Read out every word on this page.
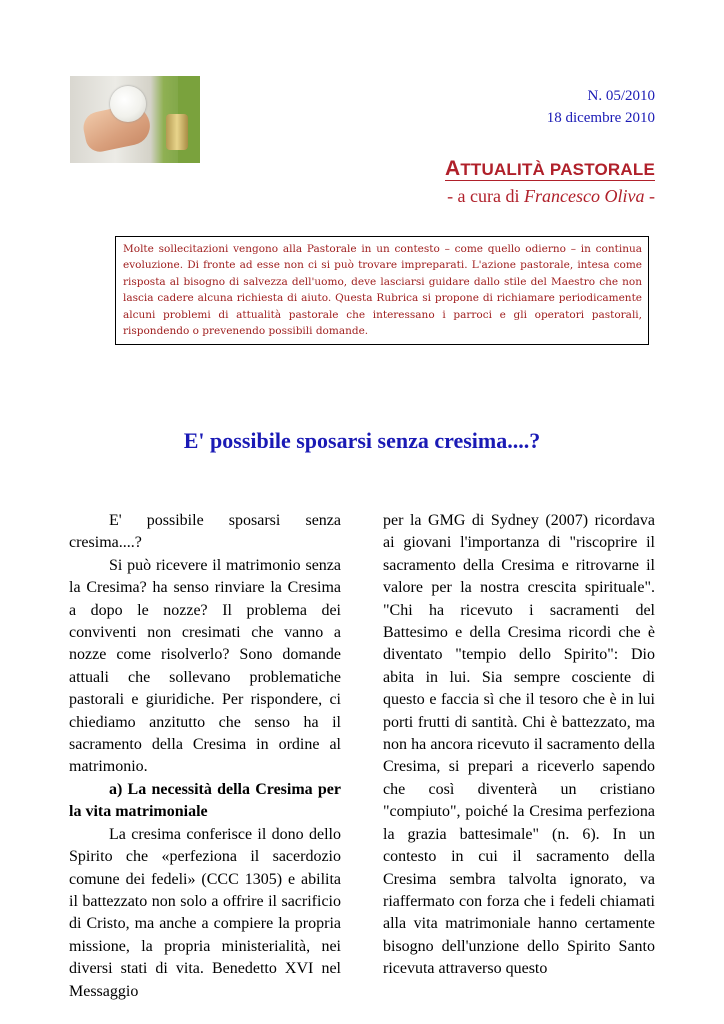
N. 05/2010
18 dicembre 2010
ATTUALITÀ PASTORALE
- a cura di Francesco Oliva -
Molte sollecitazioni vengono alla Pastorale in un contesto – come quello odierno – in continua evoluzione. Di fronte ad esse non ci si può trovare impreparati. L'azione pastorale, intesa come risposta al bisogno di salvezza dell'uomo, deve lasciarsi guidare dallo stile del Maestro che non lascia cadere alcuna richiesta di aiuto. Questa Rubrica si propone di richiamare periodicamente alcuni problemi di attualità pastorale che interessano i parroci e gli operatori pastorali, rispondendo o prevenendo possibili domande.
E' possibile sposarsi senza cresima....?

E' possibile sposarsi senza cresima....?

Si può ricevere il matrimonio senza la Cresima? ha senso rinviare la Cresima a dopo le nozze? Il problema dei conviventi non cresimati che vanno a nozze come risolverlo? Sono domande attuali che sollevano problematiche pastorali e giuridiche. Per rispondere, ci chiediamo anzitutto che senso ha il sacramento della Cresima in ordine al matrimonio.

a) La necessità della Cresima per la vita matrimoniale

La cresima conferisce il dono dello Spirito che «perfeziona il sacerdozio comune dei fedeli» (CCC 1305) e abilita il battezzato non solo a offrire il sacrificio di Cristo, ma anche a compiere la propria missione, la propria ministerialità, nei diversi stati di vita. Benedetto XVI nel Messaggio

per la GMG di Sydney (2007) ricordava ai giovani l'importanza di "riscoprire il sacramento della Cresima e ritrovarne il valore per la nostra crescita spirituale". "Chi ha ricevuto i sacramenti del Battesimo e della Cresima ricordi che è diventato "tempio dello Spirito": Dio abita in lui. Sia sempre cosciente di questo e faccia sì che il tesoro che è in lui porti frutti di santità. Chi è battezzato, ma non ha ancora ricevuto il sacramento della Cresima, si prepari a riceverlo sapendo che così diventerà un cristiano "compiuto", poiché la Cresima perfeziona la grazia battesimale" (n. 6). In un contesto in cui il sacramento della Cresima sembra talvolta ignorato, va riaffermato con forza che i fedeli chiamati alla vita matrimoniale hanno certamente bisogno dell'unzione dello Spirito Santo ricevuta attraverso questo
